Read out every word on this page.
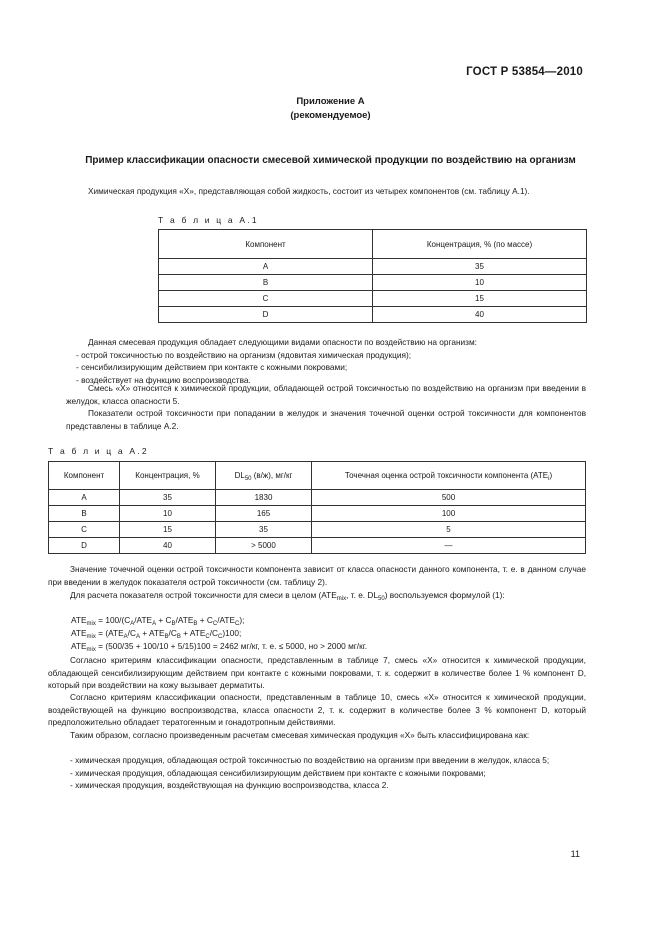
ГОСТ Р 53854—2010
Приложение А
(рекомендуемое)
Пример классификации опасности смесевой химической продукции по воздействию на организм
Химическая продукция «Х», представляющая собой жидкость, состоит из четырех компонентов (см. таблицу А.1).
Т а б л и ц а А.1
Компонент	Концентрация, % (по массе)
A	35
B	10
C	15
D	40
Данная смесевая продукция обладает следующими видами опасности по воздействию на организм:
- острой токсичностью по воздействию на организм (ядовитая химическая продукция);
- сенсибилизирующим действием при контакте с кожными покровами;
- воздействует на функцию воспроизводства.
Смесь «Х» относится к химической продукции, обладающей острой токсичностью по воздействию на организм при введении в желудок, класса опасности 5.
Показатели острой токсичности при попадании в желудок и значения точечной оценки острой токсичности для компонентов представлены в таблице А.2.
Т а б л и ц а А.2
Компонент	Концентрация, %	$DL_{50}$ (в/ж), мг/кг	Точечная оценка острой токсичности компонента $(АТЕ_i)$
A	35	1830	500
B	10	165	100
C	15	35	5
D	40	> 5000	—
Значение точечной оценки острой токсичности компонента зависит от класса опасности данного компонента, т. е. в данном случае при введении в желудок показателя острой токсичности (см. таблицу 2).
Для расчета показателя острой токсичности для смеси в целом ($ATE_{mix}$, т. е. $DL_{50}$) воспользуемся формулой (1):
$ATE_{mix} = 100/(C_A/ATE_A + C_B/ATE_B + C_C/ATE_C)$;
$ATE_{mix} = (ATE_A/C_A + ATE_B/C_B + ATE_C/C_C)100$;
$ATE_{mix} = (500/35 + 100/10 + 5/15)100 = 2462$ мг/кг, т. е. ≤ 5000, но > 2000 мг/кг.
Согласно критериям классификации опасности, представленным в таблице 7, смесь «Х» относится к химической продукции, обладающей сенсибилизирующим действием при контакте с кожными покровами, т. к. содержит в количестве более 1 % компонент D, который при воздействии на кожу вызывает дерматиты.
Согласно критериям классификации опасности, представленным в таблице 10, смесь «Х» относится к химической продукции, воздействующей на функцию воспроизводства, класса опасности 2, т. к. содержит в количестве более 3 % компонент D, который предположительно обладает тератогенным и гонадотропным действиями.
Таким образом, согласно произведенным расчетам смесевая химическая продукция «Х» быть классифицирована как:
- химическая продукция, обладающая острой токсичностью по воздействию на организм при введении в желудок, класса 5;
- химическая продукция, обладающая сенсибилизирующим действием при контакте с кожными покровами;
- химическая продукция, воздействующая на функцию воспроизводства, класса 2.
11
